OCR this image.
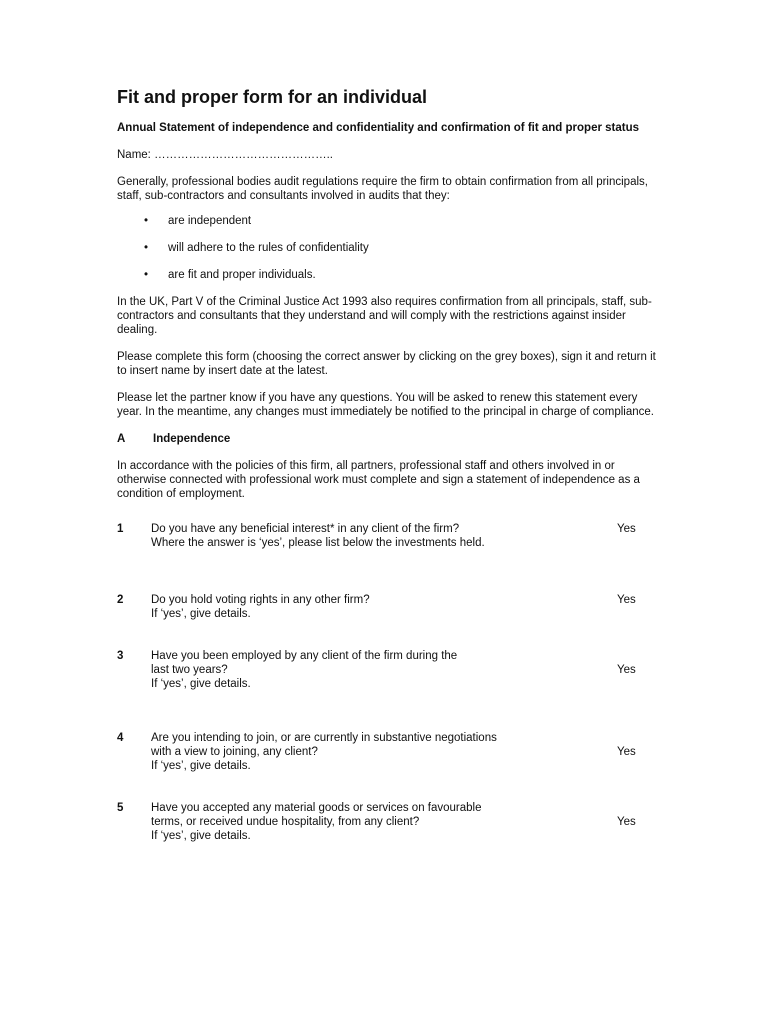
Fit and proper form for an individual
Annual Statement of independence and confidentiality and confirmation of fit and proper status

Name: ………………………………………..

Generally, professional bodies audit regulations require the firm to obtain confirmation from all principals, staff, sub-contractors and consultants involved in audits that they:

• are independent
• will adhere to the rules of confidentiality
• are fit and proper individuals.

In the UK, Part V of the Criminal Justice Act 1993 also requires confirmation from all principals, staff, sub-contractors and consultants that they understand and will comply with the restrictions against insider dealing.

Please complete this form (choosing the correct answer by clicking on the grey boxes), sign it and return it to insert name by insert date at the latest.

Please let the partner know if you have any questions. You will be asked to renew this statement every year. In the meantime, any changes must immediately be notified to the principal in charge of compliance.

A	Independence

In accordance with the policies of this firm, all partners, professional staff and others involved in or otherwise connected with professional work must complete and sign a statement of independence as a condition of employment.

1 Do you have any beneficial interest* in any client of the firm?
Where the answer is ‘yes’, please list below the investments held.
Yes
2 Do you hold voting rights in any other firm?
If ‘yes’, give details.
Yes
3 Have you been employed by any client of the firm during the
last two years?
If ‘yes’, give details.
Yes
4 Are you intending to join, or are currently in substantive negotiations
with a view to joining, any client?
If ‘yes’, give details.
Yes
5 Have you accepted any material goods or services on favourable
terms, or received undue hospitality, from any client?
If ‘yes’, give details.
Yes
